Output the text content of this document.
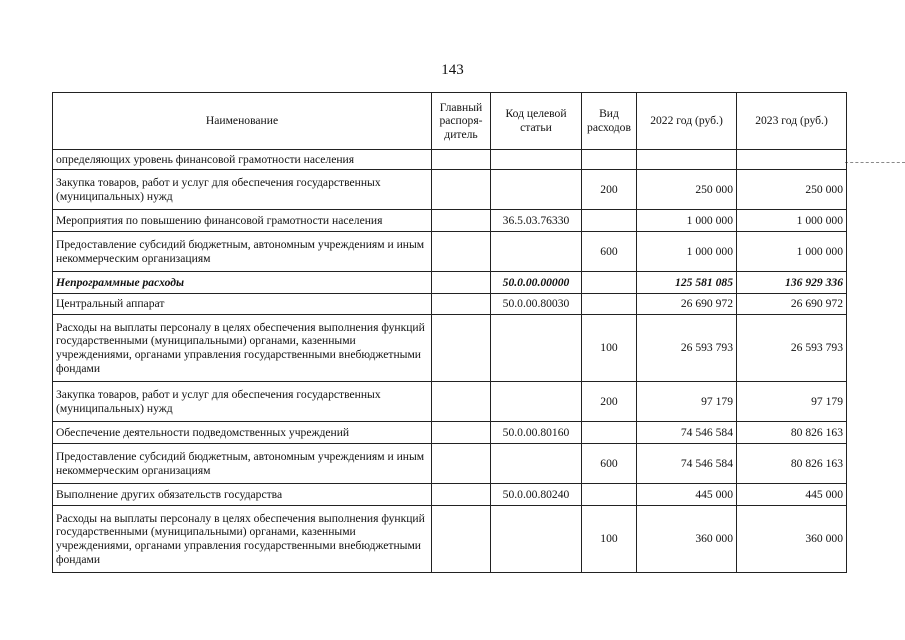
143
Наименование	Главный распоря-дитель	Код целевой статьи	Вид расходов	2022 год (руб.)	2023 год (руб.)
определяющих уровень финансовой грамотности населения					
Закупка товаров, работ и услуг для обеспечения государственных (муниципальных) нужд			200	250 000	250 000
Мероприятия по повышению финансовой грамотности населения		36.5.03.76330		1 000 000	1 000 000
Предоставление субсидий бюджетным, автономным учреждениям и иным некоммерческим организациям			600	1 000 000	1 000 000
Непрограммные расходы		50.0.00.00000		125 581 085	136 929 336
Центральный аппарат		50.0.00.80030		26 690 972	26 690 972
Расходы на выплаты персоналу в целях обеспечения выполнения функций государственными (муниципальными) органами, казенными учреждениями, органами управления государственными внебюджетными фондами			100	26 593 793	26 593 793
Закупка товаров, работ и услуг для обеспечения государственных (муниципальных) нужд			200	97 179	97 179
Обеспечение деятельности подведомственных учреждений		50.0.00.80160		74 546 584	80 826 163
Предоставление субсидий бюджетным, автономным учреждениям и иным некоммерческим организациям			600	74 546 584	80 826 163
Выполнение других обязательств государства		50.0.00.80240		445 000	445 000
Расходы на выплаты персоналу в целях обеспечения выполнения функций государственными (муниципальными) органами, казенными учреждениями, органами управления государственными внебюджетными фондами			100	360 000	360 000
